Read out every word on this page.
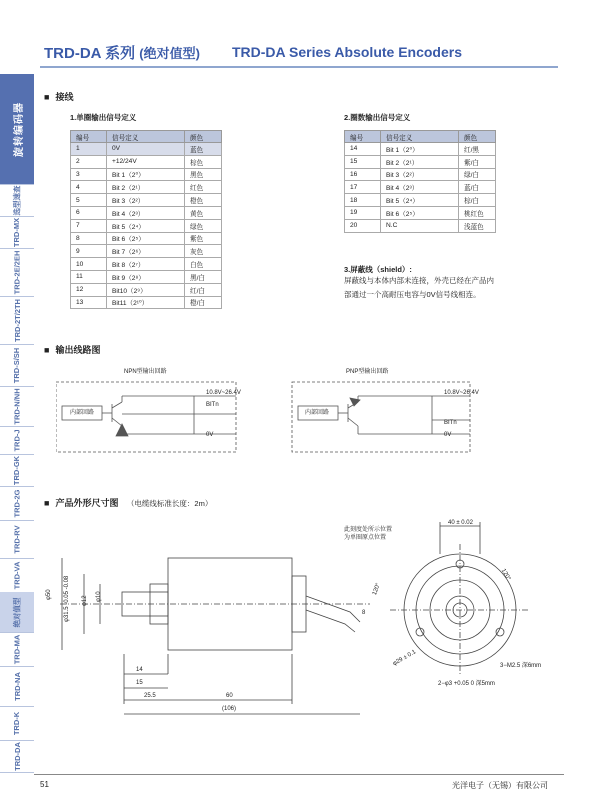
TRD-DA 系列 (绝对值型) TRD-DA Series Absolute Encoders
旋转编码器
选型速查
TRD-MX
TRD-2E/2EH
TRD-2T/2TH
TRD-S/SH
TRD-N/NH
TRD-J
TRD-GK
TRD-2G
TRD-RV
TRD-VA
绝对值型
TRD-MA
TRD-NA
TRD-K
TRD-DA
■ 接线
1.单圈输出信号定义	2.圈数输出信号定义
编号	信号定义	颜色
1	0V	蓝色
2	+12/24V	棕色
3	Bit 1（2⁰）	黑色
4	Bit 2（2¹）	红色
5	Bit 3（2²）	橙色
6	Bit 4（2³）	黄色
7	Bit 5（2⁴）	绿色
8	Bit 6（2⁵）	紫色
9	Bit 7（2⁶）	灰色
10	Bit 8（2⁷）	白色
11	Bit 9（2⁸）	黑/白
12	Bit10（2⁹）	红/白
13	Bit11（2¹⁰）	橙/白
编号	信号定义	颜色
14	Bit 1（2⁰）	红/黑
15	Bit 2（2¹）	紫/白
16	Bit 3（2²）	绿/白
17	Bit 4（2³）	蓝/白
18	Bit 5（2⁴）	棕/白
19	Bit 6（2⁵）	桃红色
20	N.C	浅蓝色
3.屏蔽线（shield）:
屏蔽线与本体内部未连接，外壳已经在产品内
部通过一个高耐压电容与0V信号线相连。
■ 输出线路图
NPN型输出回路	PNP型输出回路
内部回路	内部回路
10.8V~26.4V
BITn
0V
10.8V~26.4V
BITn
0V
■ 产品外形尺寸图 （电缆线标准长度：2m）
此刻度处所示位置
为单圈原点位置
40 ± 0.02
φ50 φ31.5 -0.05 -0.08 φ12 φ10
8
14
15
25.5	60
(106)
120°
120°
φ29 ± 0.1	3−M2.5 深6mm
2−φ3 +0.05 0 深5mm
51	光洋电子（无锡）有限公司
